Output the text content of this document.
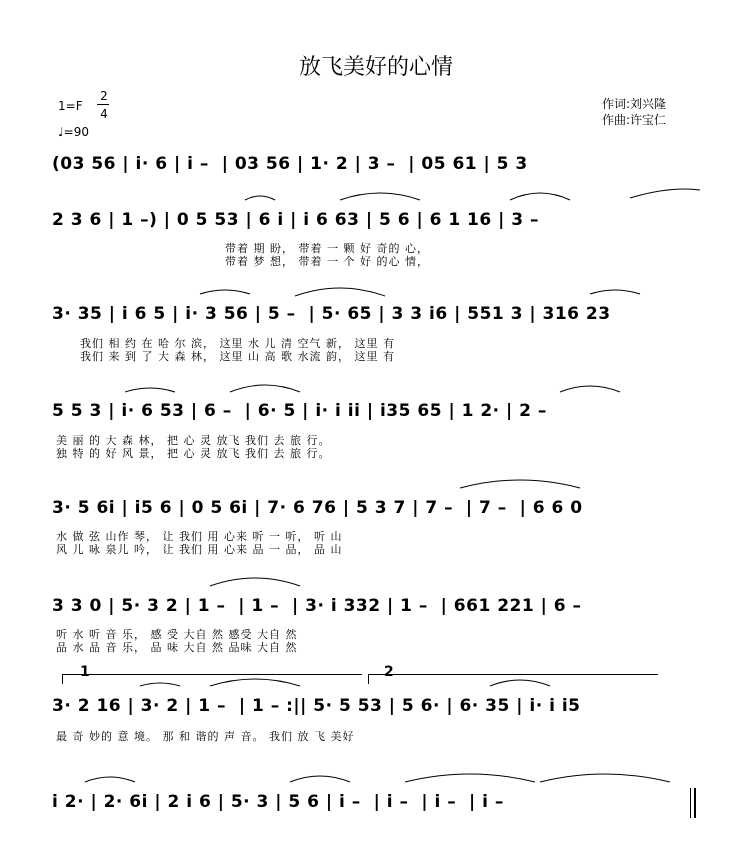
放飞美好的心情
1=F
2
4
♩=90
作词:刘兴隆
作曲:许宝仁
(03 56 | i· 6 | i –  | 03 56 | 1· 2 | 3 –  | 05 61 | 5 3
2 3 6 | 1 –) | 0 5 53 | 6 i | i 6 63 | 5 6 | 6 1 16 | 3 –
带着 期 盼， 带着 一 颗 好 奇的 心，
带着 梦 想， 带着 一 个 好 的心 情，
3· 35 | i 6 5 | i· 3 56 | 5 –  | 5· 65 | 3 3 i6 | 551 3 | 316 23
我们 相 约 在 哈 尔 滨， 这里 水 儿 清 空气 新， 这里 有
我们 来 到 了 大 森 林， 这里 山 高 歌 水流 韵， 这里 有
5 5 3 | i· 6 53 | 6 –  | 6· 5 | i· i ii | i35 65 | 1 2· | 2 –
美 丽 的 大 森 林， 把 心 灵 放飞 我们 去 旅 行。
独 特 的 好 风 景， 把 心 灵 放飞 我们 去 旅 行。
3· 5 6i | i5 6 | 0 5 6i | 7· 6 76 | 5 3 7 | 7 –  | 7 –  | 6 6 0
水 做 弦 山作 琴， 让 我们 用 心来 听 一 听， 听 山
风 儿 咏 泉儿 吟， 让 我们 用 心来 品 一 品， 品 山
3 3 0 | 5· 3 2 | 1 –  | 1 –  | 3· i 332 | 1 –  | 661 221 | 6 –
听 水 听 音 乐， 感 受 大自 然 感受 大自 然
品 水 品 音 乐， 品 味 大自 然 品味 大自 然
1	2
3· 2 16 | 3· 2 | 1 –  | 1 – :|| 5· 5 53 | 5 6· | 6· 35 | i· i i5
最 奇 妙的 意 境。 那 和 谐的 声 音。 我们 放 飞 美好
i 2· | 2· 6i | 2 i 6 | 5· 3 | 5 6 | i –  | i –  | i –  | i –
